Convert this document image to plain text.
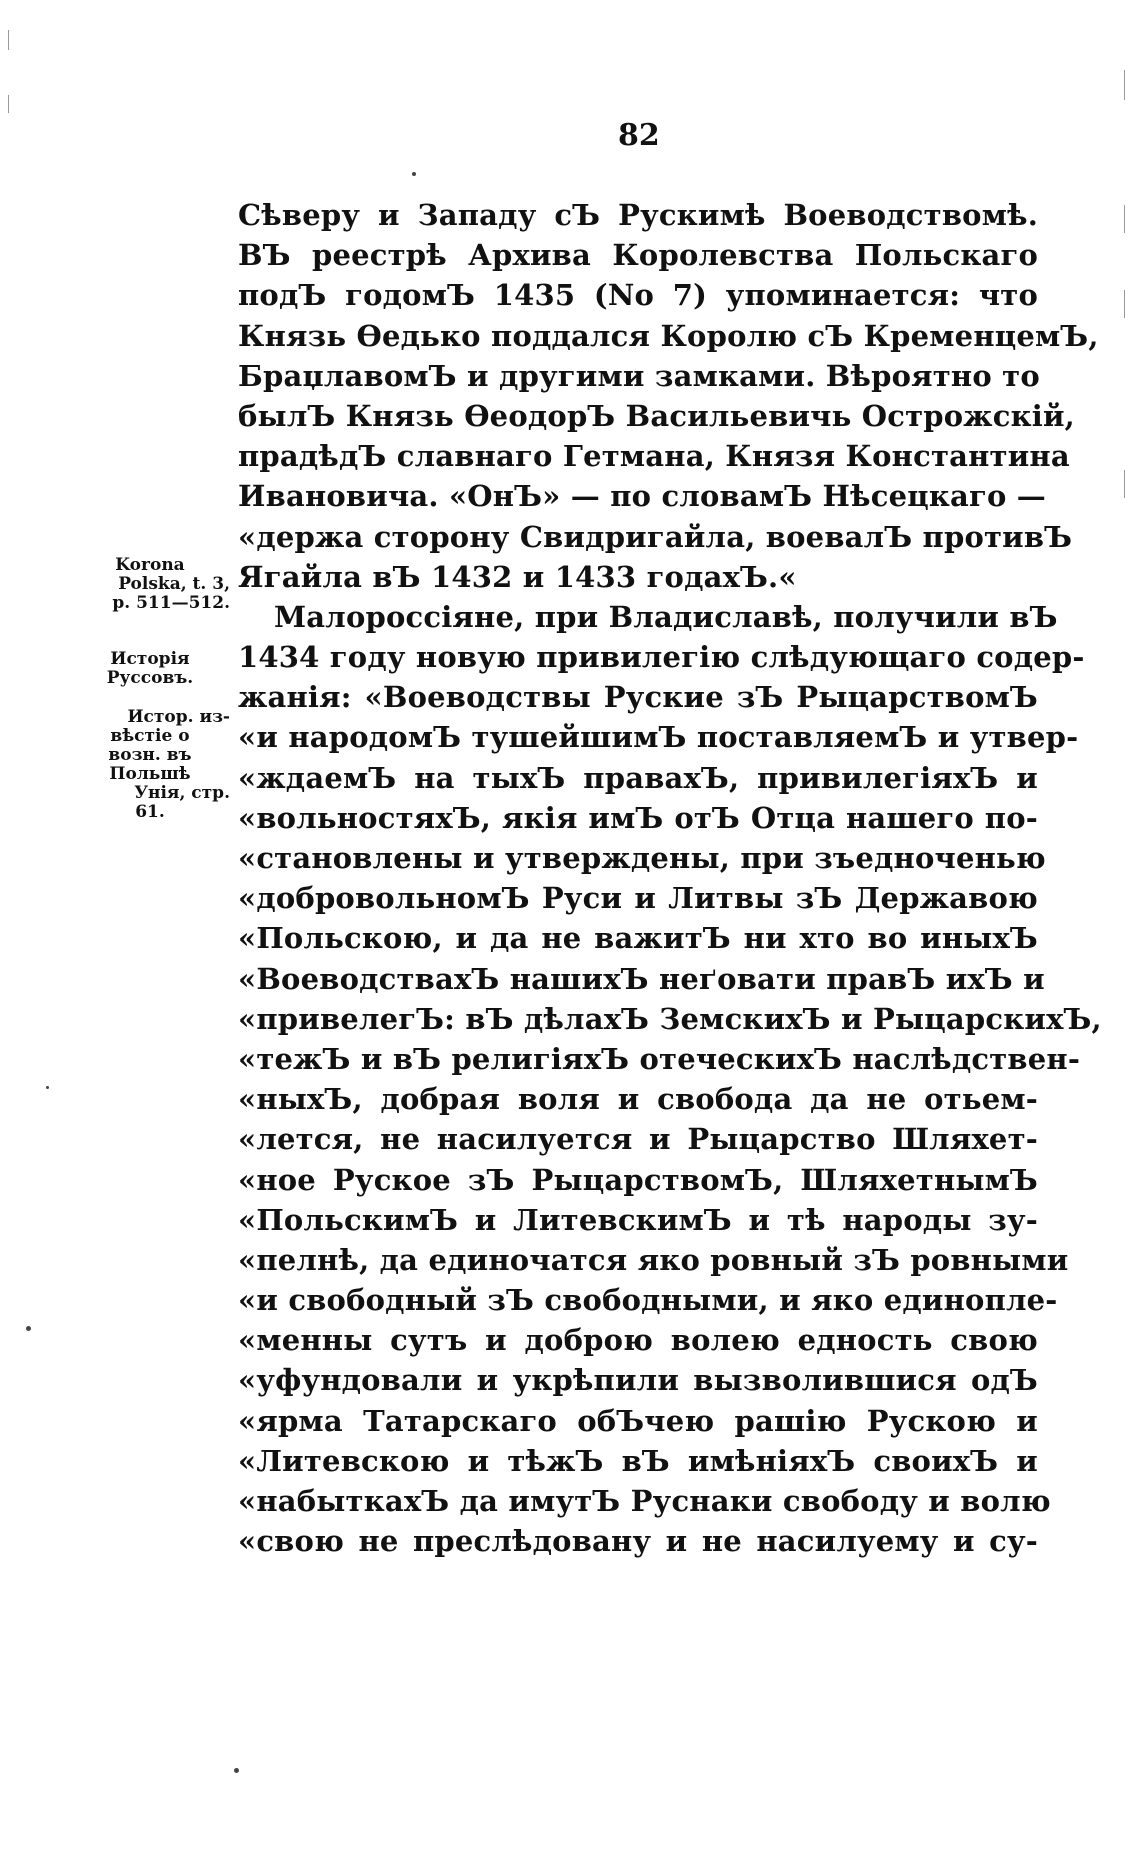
82
Сѣверу и Западу сЪ Рускимѣ Воеводствомѣ.
ВЪ реестрѣ Архива Королевства Польскаго
подЪ годомЪ 1435 (No 7) упоминается: что
Князь Өедько поддался Королю сЪ КременцемЪ,
БраџлавомЪ и другими замками. Вѣроятно то
былЪ Князь ӨеодорЪ Васильевичь Острожскій,
прадѣдЪ славнаго Гетмана, Князя Константина
Ивановича. «ОнЪ» — по словамЪ Нѣсецкаго —
«держа сторону Свидригайла, воевалЪ противЪ
Ягайла вЪ 1432 и 1433 годахЪ.«
Малороссіяне, при Владиславѣ, получили вЪ
1434 году новую привилегію слѣдующаго содер-
жанія: «Воеводствы Руские зЪ РыцарствомЪ
«и народомЪ тушейшимЪ поставляемЪ и утвер-
«ждаемЪ на тыхЪ правахЪ, привилегіяхЪ и
«вольностяхЪ, якія имЪ отЪ Отца нашего по-
«становлены и утверждены, при зъедноченью
«добровольномЪ Руси и Литвы зЪ Державою
«Польскою, и да не важитЪ ни хто во иныхЪ
«ВоеводствахЪ нашихЪ неґовати правЪ ихЪ и
«привелегЪ: вЪ дѣлахЪ ЗемскихЪ и РыцарскихЪ,
«тежЪ и вЪ религіяхЪ отеческихЪ наслѣдствен-
«ныхЪ, добрая воля и свобода да не отьем-
«лется, не насилуется и Рыцарство Шляхет-
«ное Руское зЪ РыцарствомЪ, ШляхетнымЪ
«ПольскимЪ и ЛитевскимЪ и тѣ народы зу-
«пелнѣ, да единочатся яко ровный зЪ ровными
«и свободный зЪ свободными, и яко единопле-
«менны сутъ и доброю волею едность свою
«уфундовали и укрѣпили вызволившися одЪ
«ярма Татарскаго обЪчею рашію Рускою и
«Литевскою и тѣжЪ вЪ имѣніяхЪ своихЪ и
«набыткахЪ да имутЪ Руснаки свободу и волю
«свою не преслѣдовану и не насилуему и су-
Korona
Polska, t. 3,
p. 511—512.
Исторія
Руссовъ.
Истор. из-
вѣстіе о
возн. въ
Польшѣ
Унія, стр.
61.
